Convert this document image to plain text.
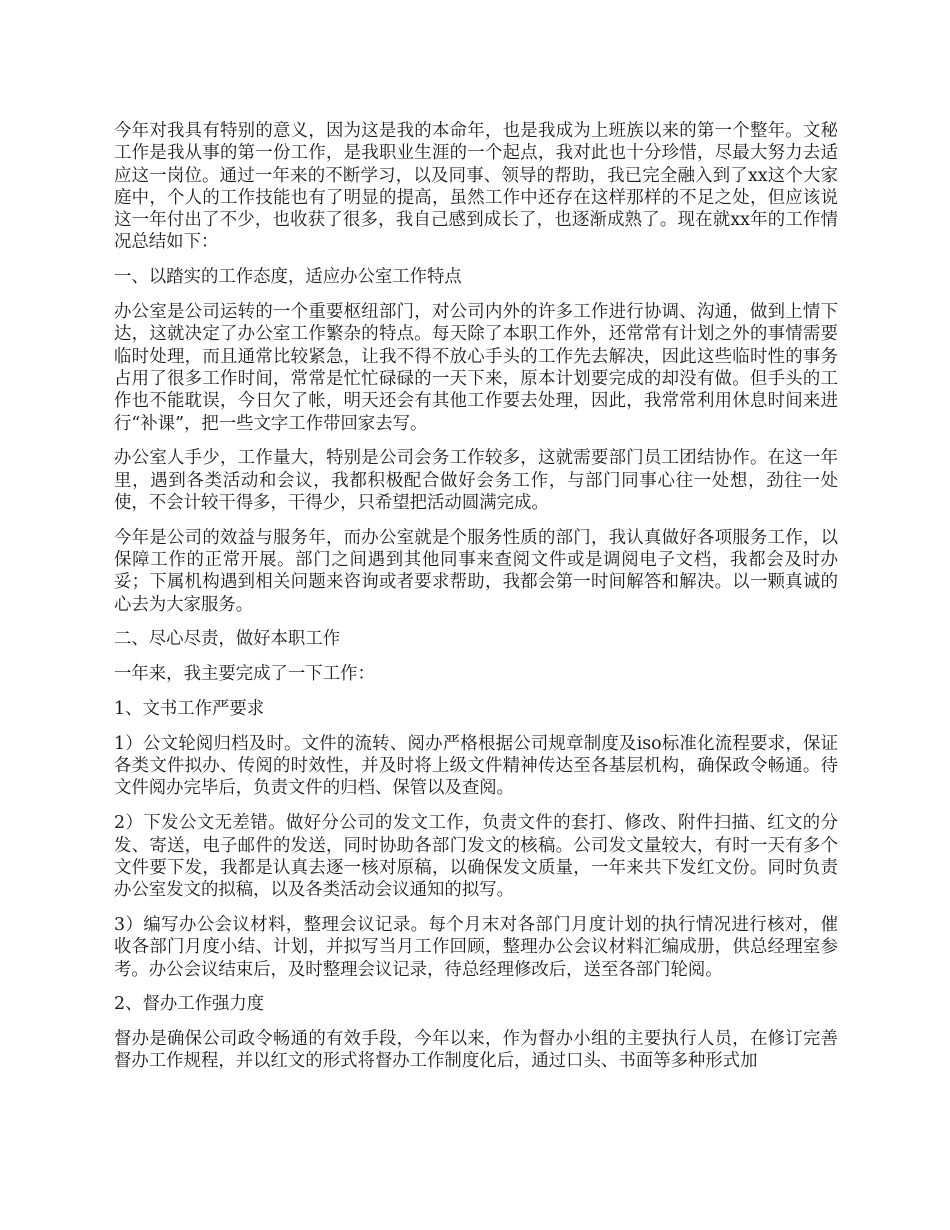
今年对我具有特别的意义，因为这是我的本命年，也是我成为上班族以来的第一个整年。文秘工作是我从事的第一份工作，是我职业生涯的一个起点，我对此也十分珍惜，尽最大努力去适应这一岗位。通过一年来的不断学习，以及同事、领导的帮助，我已完全融入到了xx这个大家庭中，个人的工作技能也有了明显的提高，虽然工作中还存在这样那样的不足之处，但应该说这一年付出了不少，也收获了很多，我自己感到成长了，也逐渐成熟了。现在就xx年的工作情况总结如下：

一、以踏实的工作态度，适应办公室工作特点

办公室是公司运转的一个重要枢纽部门，对公司内外的许多工作进行协调、沟通，做到上情下达，这就决定了办公室工作繁杂的特点。每天除了本职工作外，还常常有计划之外的事情需要临时处理，而且通常比较紧急，让我不得不放心手头的工作先去解决，因此这些临时性的事务占用了很多工作时间，常常是忙忙碌碌的一天下来，原本计划要完成的却没有做。但手头的工作也不能耽误，今日欠了帐，明天还会有其他工作要去处理，因此，我常常利用休息时间来进行“补课”，把一些文字工作带回家去写。

办公室人手少，工作量大，特别是公司会务工作较多，这就需要部门员工团结协作。在这一年里，遇到各类活动和会议，我都积极配合做好会务工作，与部门同事心往一处想，劲往一处使，不会计较干得多，干得少，只希望把活动圆满完成。

今年是公司的效益与服务年，而办公室就是个服务性质的部门，我认真做好各项服务工作，以保障工作的正常开展。部门之间遇到其他同事来查阅文件或是调阅电子文档，我都会及时办妥；下属机构遇到相关问题来咨询或者要求帮助，我都会第一时间解答和解决。以一颗真诚的心去为大家服务。

二、尽心尽责，做好本职工作

一年来，我主要完成了一下工作：

1、文书工作严要求

1）公文轮阅归档及时。文件的流转、阅办严格根据公司规章制度及iso标准化流程要求，保证各类文件拟办、传阅的时效性，并及时将上级文件精神传达至各基层机构，确保政令畅通。待文件阅办完毕后，负责文件的归档、保管以及查阅。

2）下发公文无差错。做好分公司的发文工作，负责文件的套打、修改、附件扫描、红文的分发、寄送，电子邮件的发送，同时协助各部门发文的核稿。公司发文量较大，有时一天有多个文件要下发，我都是认真去逐一核对原稿，以确保发文质量，一年来共下发红文份。同时负责办公室发文的拟稿，以及各类活动会议通知的拟写。

3）编写办公会议材料，整理会议记录。每个月末对各部门月度计划的执行情况进行核对，催收各部门月度小结、计划，并拟写当月工作回顾，整理办公会议材料汇编成册，供总经理室参考。办公会议结束后，及时整理会议记录，待总经理修改后，送至各部门轮阅。

2、督办工作强力度

督办是确保公司政令畅通的有效手段，今年以来，作为督办小组的主要执行人员，在修订完善督办工作规程，并以红文的形式将督办工作制度化后，通过口头、书面等多种形式加
